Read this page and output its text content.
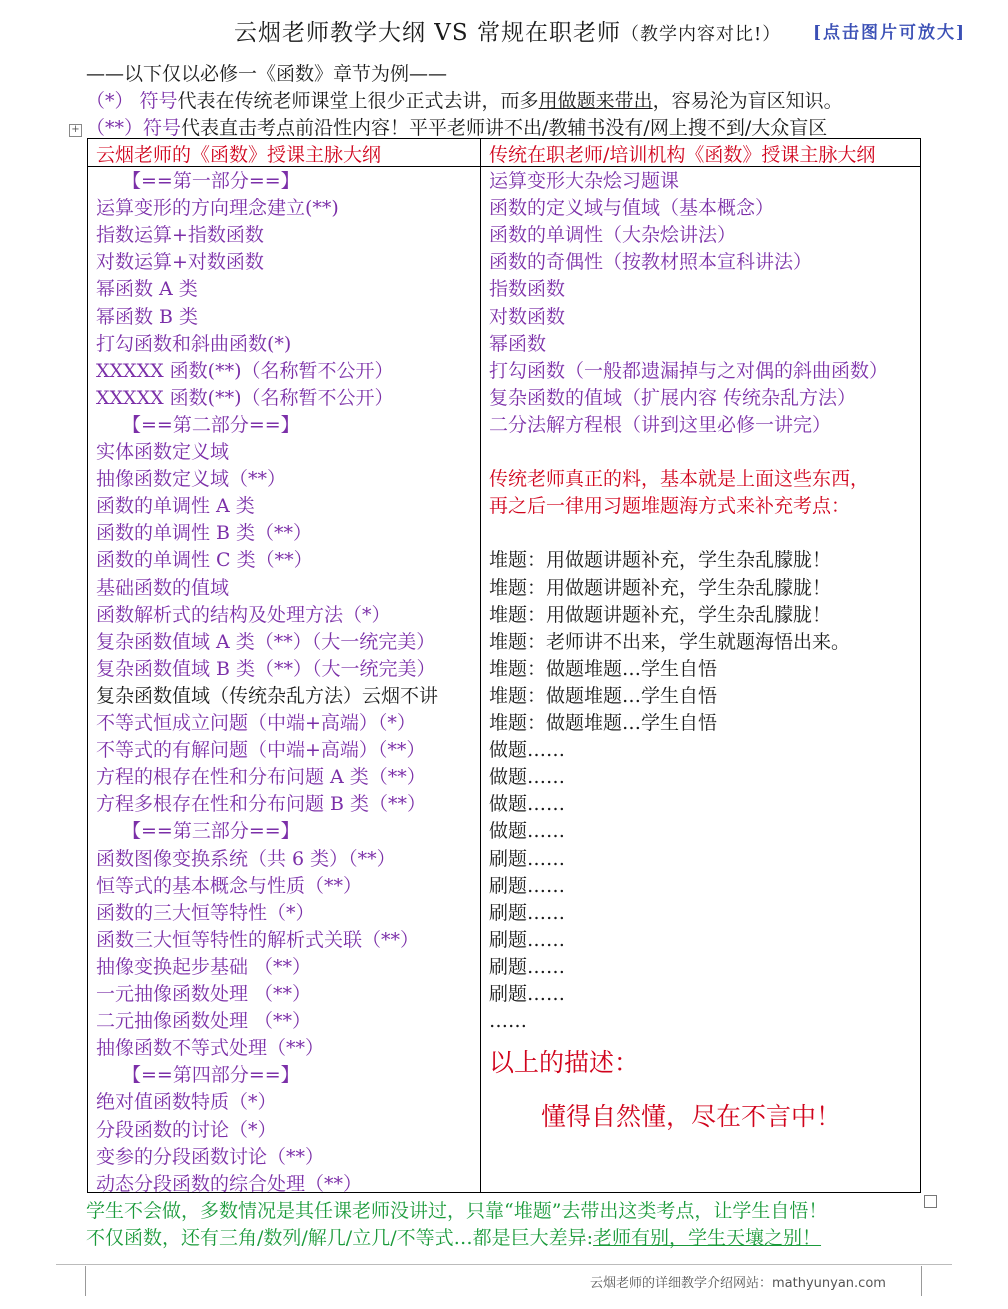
云烟老师教学大纲 VS 常规在职老师（教学内容对比!） [点击图片可放大]
——以下仅以必修一《函数》章节为例——
（*） 符号代表在传统老师课堂上很少正式去讲，而多用做题来带出，容易沦为盲区知识。
（**）符号代表直击考点前沿性内容！平平老师讲不出/教辅书没有/网上搜不到/大众盲区
+
云烟老师的《函数》授课主脉大纲
【==第一部分==】
运算变形的方向理念建立(**)
指数运算+指数函数
对数运算+对数函数
幂函数 A 类
幂函数 B 类
打勾函数和斜曲函数(*)
XXXXX 函数(**)（名称暂不公开）
XXXXX 函数(**)（名称暂不公开）
【==第二部分==】
实体函数定义域
抽像函数定义域（**）
函数的单调性 A 类
函数的单调性 B 类（**）
函数的单调性 C 类（**）
基础函数的值域
函数解析式的结构及处理方法（*）
复杂函数值域 A 类（**）（大一统完美）
复杂函数值域 B 类（**）（大一统完美）
复杂函数值域（传统杂乱方法）云烟不讲
不等式恒成立问题（中端+高端）（*）
不等式的有解问题（中端+高端）（**）
方程的根存在性和分布问题 A 类（**）
方程多根存在性和分布问题 B 类（**）
【==第三部分==】
函数图像变换系统（共 6 类）（**）
恒等式的基本概念与性质（**）
函数的三大恒等特性（*）
函数三大恒等特性的解析式关联（**）
抽像变换起步基础 （**）
一元抽像函数处理 （**）
二元抽像函数处理 （**）
抽像函数不等式处理（**）
【==第四部分==】
绝对值函数特质（*）
分段函数的讨论（*）
变参的分段函数讨论（**）
动态分段函数的综合处理（**）
传统在职老师/培训机构《函数》授课主脉大纲
以上的描述：
懂得自然懂，尽在不言中！
运算变形大杂烩习题课
函数的定义域与值域（基本概念）
函数的单调性（大杂烩讲法）
函数的奇偶性（按教材照本宣科讲法）
指数函数
对数函数
幂函数
打勾函数（一般都遗漏掉与之对偶的斜曲函数）
复杂函数的值域（扩展内容 传统杂乱方法）
二分法解方程根（讲到这里必修一讲完）
传统老师真正的料，基本就是上面这些东西，
再之后一律用习题堆题海方式来补充考点：
堆题：用做题讲题补充，学生杂乱朦胧！
堆题：用做题讲题补充，学生杂乱朦胧！
堆题：用做题讲题补充，学生杂乱朦胧！
堆题：老师讲不出来，学生就题海悟出来。
堆题：做题堆题…学生自悟
堆题：做题堆题…学生自悟
堆题：做题堆题…学生自悟
做题……
做题……
做题……
做题……
刷题……
刷题……
刷题……
刷题……
刷题……
刷题……
……
学生不会做，多数情况是其任课老师没讲过，只靠“堆题”去带出这类考点，让学生自悟！
不仅函数，还有三角/数列/解几/立几/不等式…都是巨大差异:老师有别，学生天壤之别！
云烟老师的详细教学介绍网站：mathyunyan.com
